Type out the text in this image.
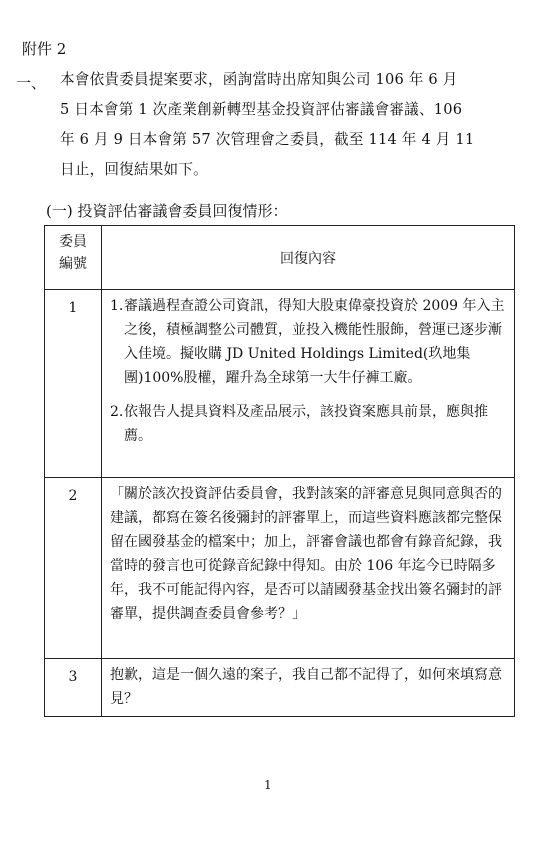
附件 2
一、 本會依貴委員提案要求，函詢當時出席知與公司 106 年 6 月
5 日本會第 1 次產業創新轉型基金投資評估審議會審議、106
年 6 月 9 日本會第 57 次管理會之委員，截至 114 年 4 月 11
日止，回復結果如下。
(一) 投資評估審議會委員回復情形：
委員
編號	回復內容
1	1. 審議過程查證公司資訊，得知大股東偉豪投資於 2009 年入主之後，積極調整公司體質，並投入機能性服飾，營運已逐步漸入佳境。擬收購 JD United Holdings Limited(玖地集團)100%股權，躍升為全球第一大牛仔褲工廠。
2. 依報告人提具資料及產品展示，該投資案應具前景，應與推薦。

2	「關於該次投資評估委員會，我對該案的評審意見與同意與否的建議，都寫在簽名後彌封的評審單上，而這些資料應該都完整保留在國發基金的檔案中；加上，評審會議也都會有錄音紀錄，我當時的發言也可從錄音紀錄中得知。由於 106 年迄今已時隔多年，我不可能記得內容，是否可以請國發基金找出簽名彌封的評審單，提供調查委員會參考？」
3	抱歉，這是一個久遠的案子，我自己都不記得了，如何來填寫意見？
1
